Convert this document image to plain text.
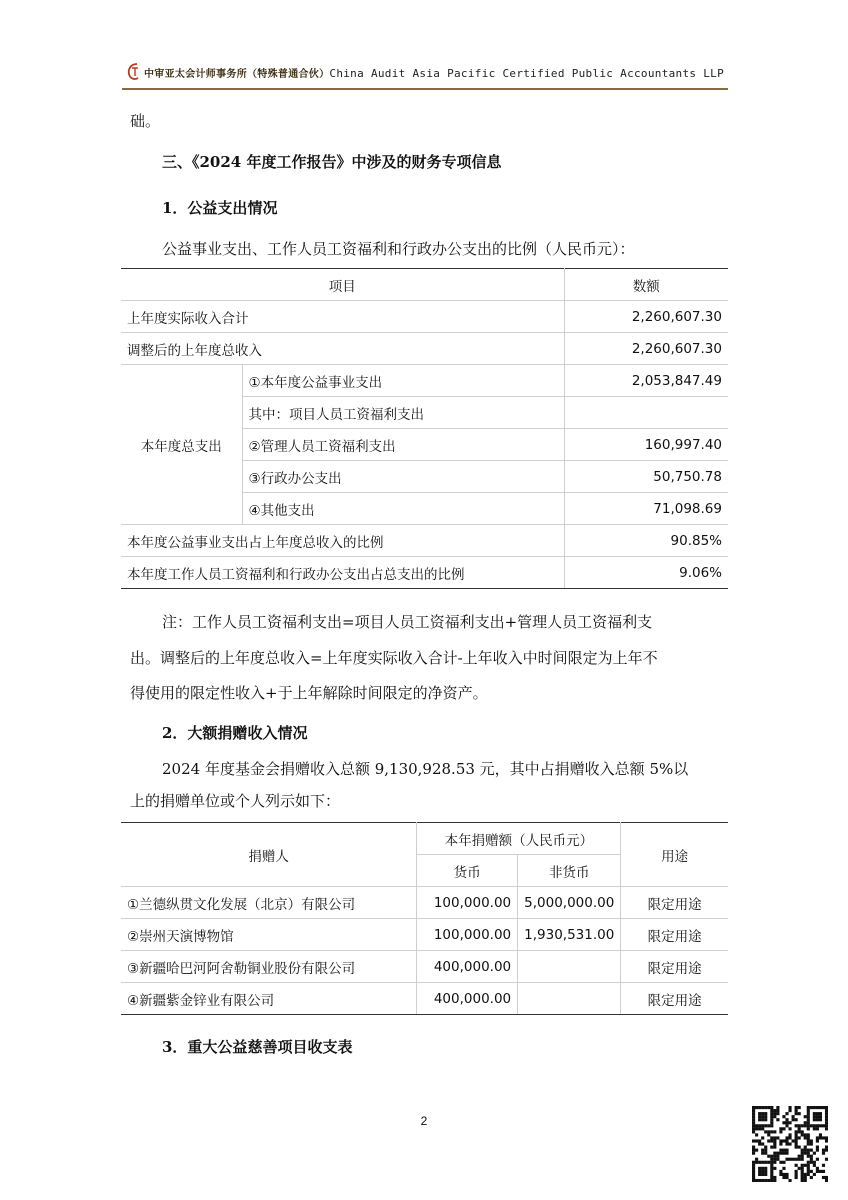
中审亚太会计师事务所（特殊普通合伙）China Audit Asia Pacific Certified Public Accountants LLP
础。
三、《2024 年度工作报告》中涉及的财务专项信息
1．公益支出情况
公益事业支出、工作人员工资福利和行政办公支出的比例（人民币元）：
项目		数额
上年度实际收入合计		2,260,607.30
调整后的上年度总收入		2,260,607.30
本年度总支出	①本年度公益事业支出	2,053,847.49
	其中：项目人员工资福利支出	
	②管理人员工资福利支出	160,997.40
	③行政办公支出	50,750.78
	④其他支出	71,098.69
本年度公益事业支出占上年度总收入的比例		90.85%
本年度工作人员工资福利和行政办公支出占总支出的比例		9.06%
注：工作人员工资福利支出=项目人员工资福利支出+管理人员工资福利支
出。调整后的上年度总收入=上年度实际收入合计-上年收入中时间限定为上年不
得使用的限定性收入+于上年解除时间限定的净资产。
2．大额捐赠收入情况
2024 年度基金会捐赠收入总额 9,130,928.53 元，其中占捐赠收入总额 5%以
上的捐赠单位或个人列示如下：
捐赠人	本年捐赠额（人民币元）		用途
	货币	非货币	
①兰德纵贯文化发展（北京）有限公司	100,000.00	5,000,000.00	限定用途
②崇州天演博物馆	100,000.00	1,930,531.00	限定用途
③新疆哈巴河阿舍勒铜业股份有限公司	400,000.00		限定用途
④新疆紫金锌业有限公司	400,000.00		限定用途
3．重大公益慈善项目收支表
2
